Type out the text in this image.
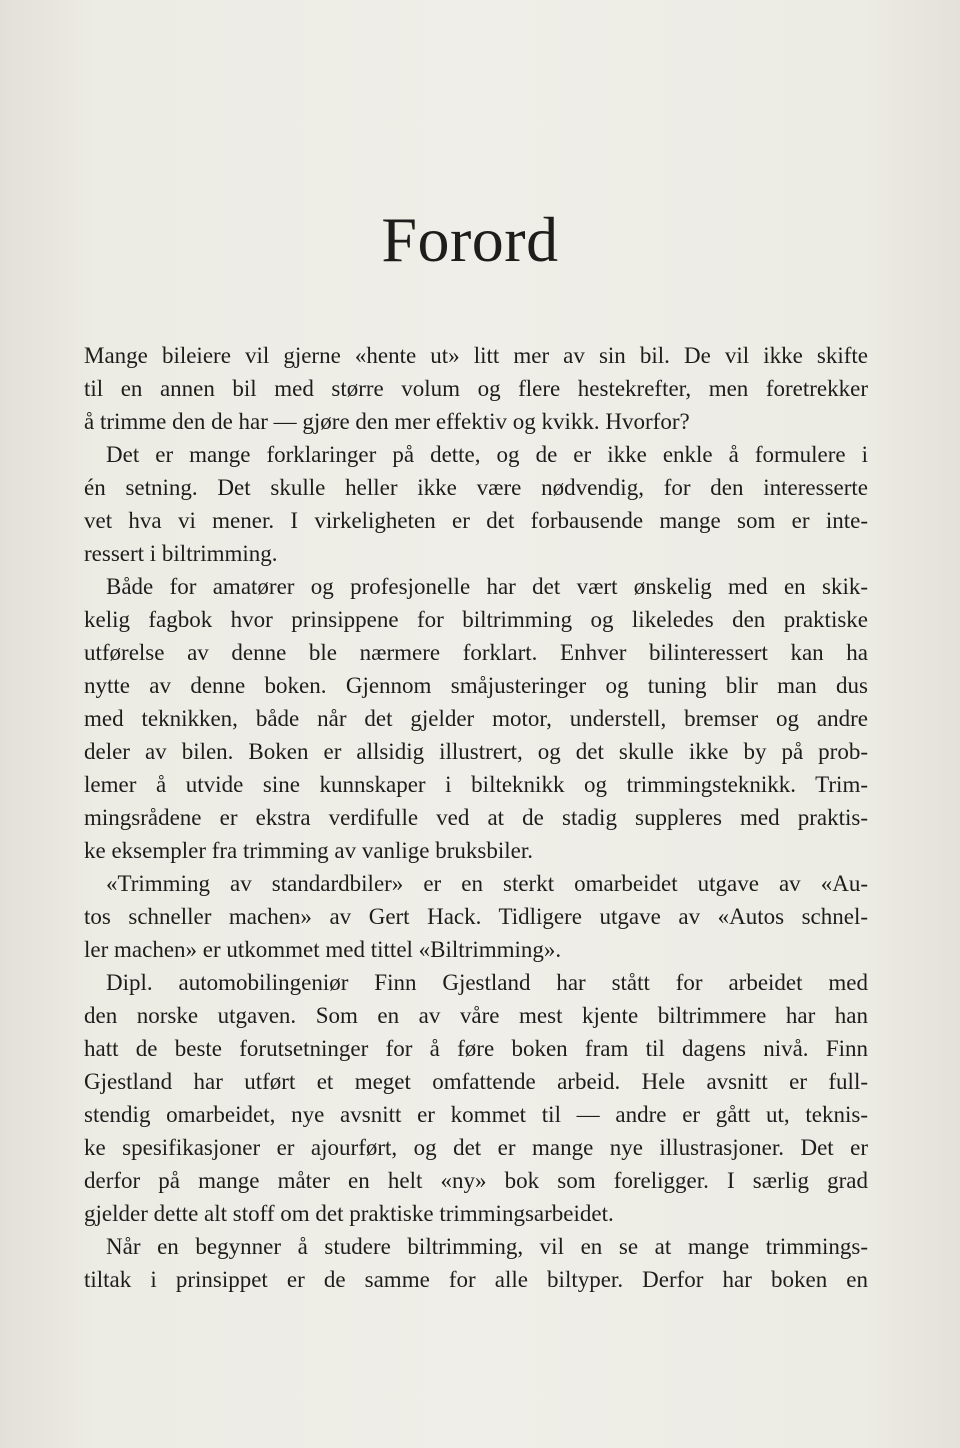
Forord

Mange bileiere vil gjerne «hente ut» litt mer av sin bil. De vil ikke skifte
til en annen bil med større volum og flere hestekrefter, men foretrekker
å trimme den de har — gjøre den mer effektiv og kvikk. Hvorfor?

Det er mange forklaringer på dette, og de er ikke enkle å formulere i
én setning. Det skulle heller ikke være nødvendig, for den interesserte
vet hva vi mener. I virkeligheten er det forbausende mange som er inte-
ressert i biltrimming.

Både for amatører og profesjonelle har det vært ønskelig med en skik-
kelig fagbok hvor prinsippene for biltrimming og likeledes den praktiske
utførelse av denne ble nærmere forklart. Enhver bilinteressert kan ha
nytte av denne boken. Gjennom småjusteringer og tuning blir man dus
med teknikken, både når det gjelder motor, understell, bremser og andre
deler av bilen. Boken er allsidig illustrert, og det skulle ikke by på prob-
lemer å utvide sine kunnskaper i bilteknikk og trimmingsteknikk. Trim-
mingsrådene er ekstra verdifulle ved at de stadig suppleres med praktis-
ke eksempler fra trimming av vanlige bruksbiler.

«Trimming av standardbiler» er en sterkt omarbeidet utgave av «Au-
tos schneller machen» av Gert Hack. Tidligere utgave av «Autos schnel-
ler machen» er utkommet med tittel «Biltrimming».

Dipl. automobilingeniør Finn Gjestland har stått for arbeidet med
den norske utgaven. Som en av våre mest kjente biltrimmere har han
hatt de beste forutsetninger for å føre boken fram til dagens nivå. Finn
Gjestland har utført et meget omfattende arbeid. Hele avsnitt er full-
stendig omarbeidet, nye avsnitt er kommet til — andre er gått ut, teknis-
ke spesifikasjoner er ajourført, og det er mange nye illustrasjoner. Det er
derfor på mange måter en helt «ny» bok som foreligger. I særlig grad
gjelder dette alt stoff om det praktiske trimmingsarbeidet.

Når en begynner å studere biltrimming, vil en se at mange trimmings-
tiltak i prinsippet er de samme for alle biltyper. Derfor har boken en
